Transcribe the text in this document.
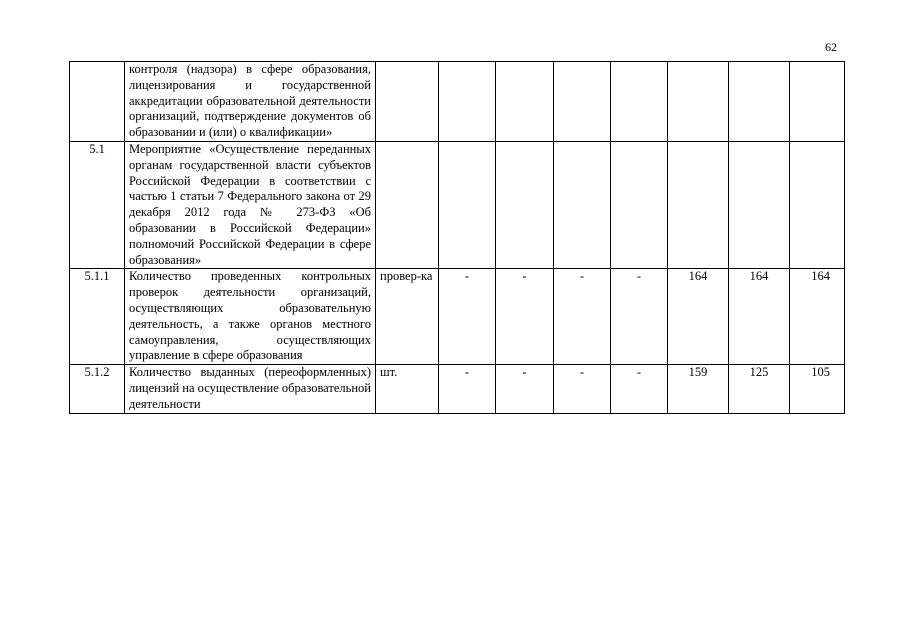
62

	контроля (надзора) в сфере образования, лицензирования и государственной аккредитации образовательной деятельности организаций, подтверждение документов об образовании и (или) о квалификации»								

5.1	Мероприятие «Осуществление переданных органам государственной власти субъектов Российской Федерации в соответствии с частью 1 статьи 7 Федерального закона от 29 декабря 2012 года № 273-ФЗ «Об образовании в Российской Федерации» полномочий Российской Федерации в сфере образования»								

5.1.1	Количество проведенных контрольных проверок деятельности организаций, осуществляющих образовательную деятельность, а также органов местного самоуправления, осуществляющих управление в сфере образования	провер-ка	-	-	-	-	164	164	164
5.1.2	Количество выданных (переоформленных) лицензий на осуществление образовательной деятельности	шт.	-	-	-	-	159	125	105
